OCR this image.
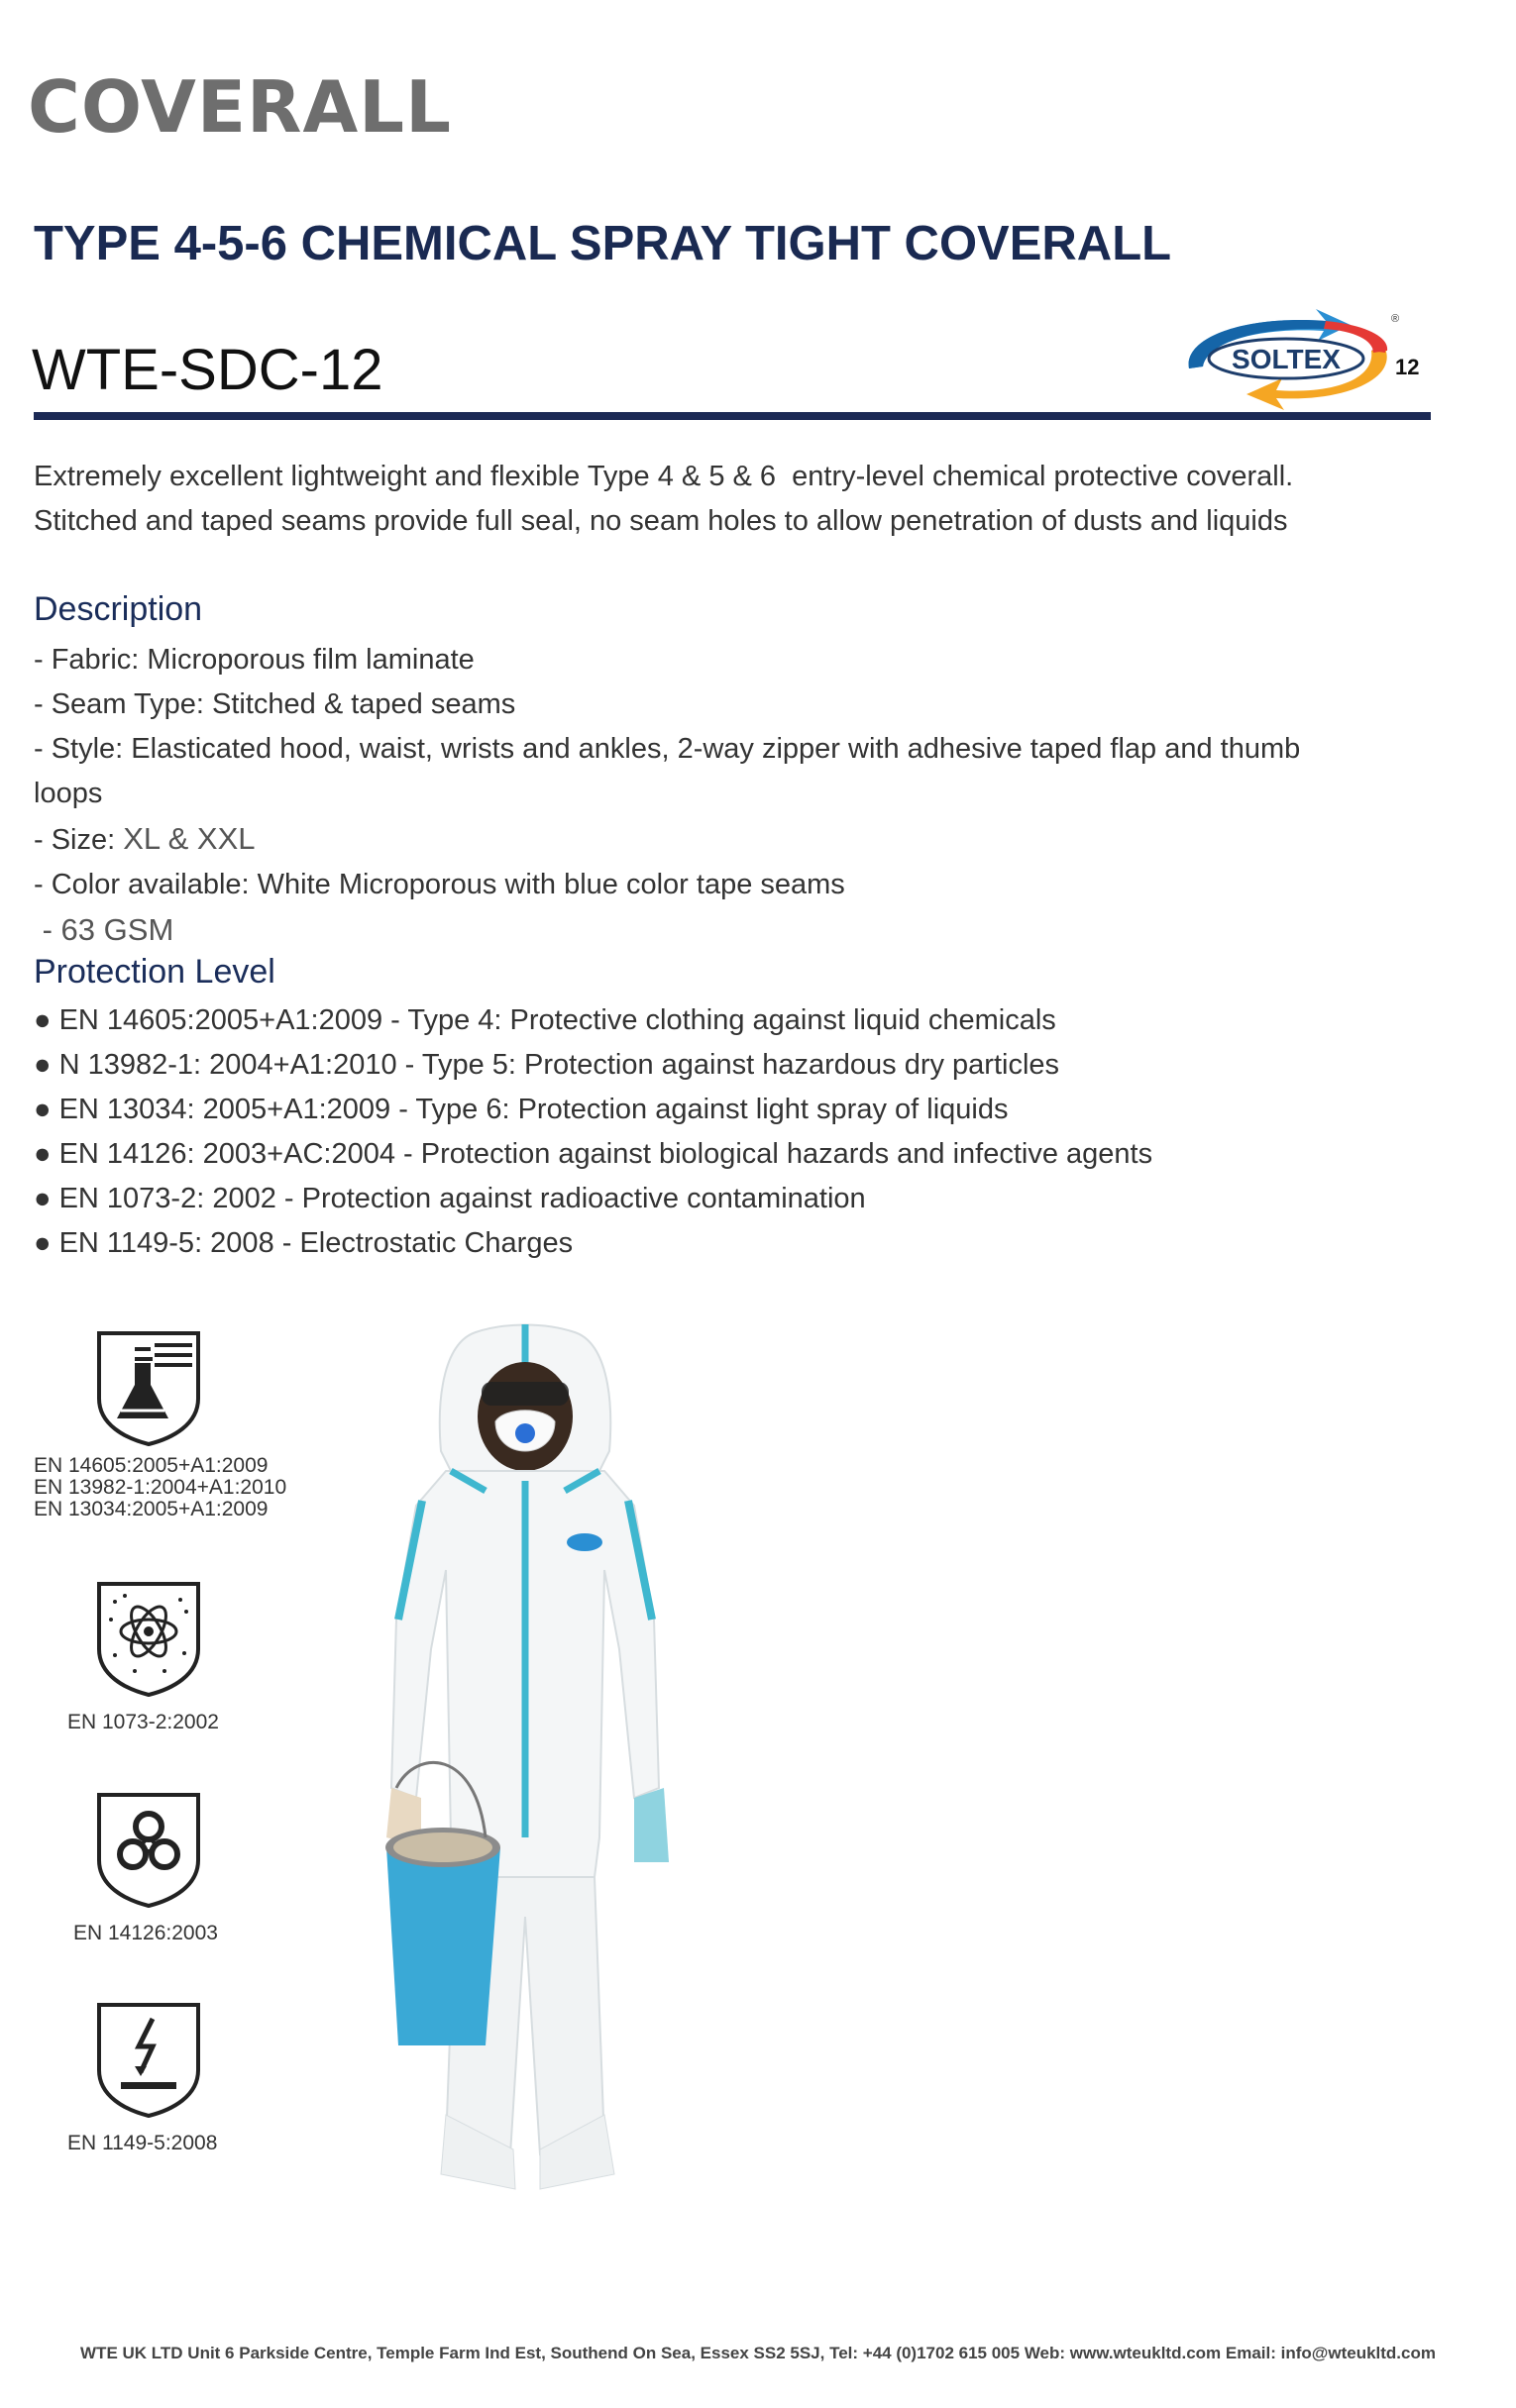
COVERALL
TYPE 4-5-6 CHEMICAL SPRAY TIGHT COVERALL
WTE-SDC-12	SOLTEX
®
12
Extremely excellent lightweight and flexible Type 4 & 5 & 6  entry-level chemical protective coverall.
Stitched and taped seams provide full seal, no seam holes to allow penetration of dusts and liquids
Description
- Fabric: Microporous film laminate
- Seam Type: Stitched & taped seams
- Style: Elasticated hood, waist, wrists and ankles, 2-way zipper with adhesive taped flap and thumb
loops
- Size: XL & XXL
- Color available: White Microporous with blue color tape seams
- 63 GSM
Protection Level
● EN 14605:2005+A1:2009 - Type 4: Protective clothing against liquid chemicals
● N 13982-1: 2004+A1:2010 - Type 5: Protection against hazardous dry particles
● EN 13034: 2005+A1:2009 - Type 6: Protection against light spray of liquids
● EN 14126: 2003+AC:2004 - Protection against biological hazards and infective agents
● EN 1073-2: 2002 - Protection against radioactive contamination
● EN 1149-5: 2008 - Electrostatic Charges
EN 14605:2005+A1:2009
EN 13982-1:2004+A1:2010
EN 13034:2005+A1:2009
EN 1073-2:2002
EN 14126:2003
EN 1149-5:2008
WTE UK LTD Unit 6 Parkside Centre, Temple Farm Ind Est, Southend On Sea, Essex SS2 5SJ, Tel: +44 (0)1702 615 005 Web: www.wteukltd.com Email: info@wteukltd.com
